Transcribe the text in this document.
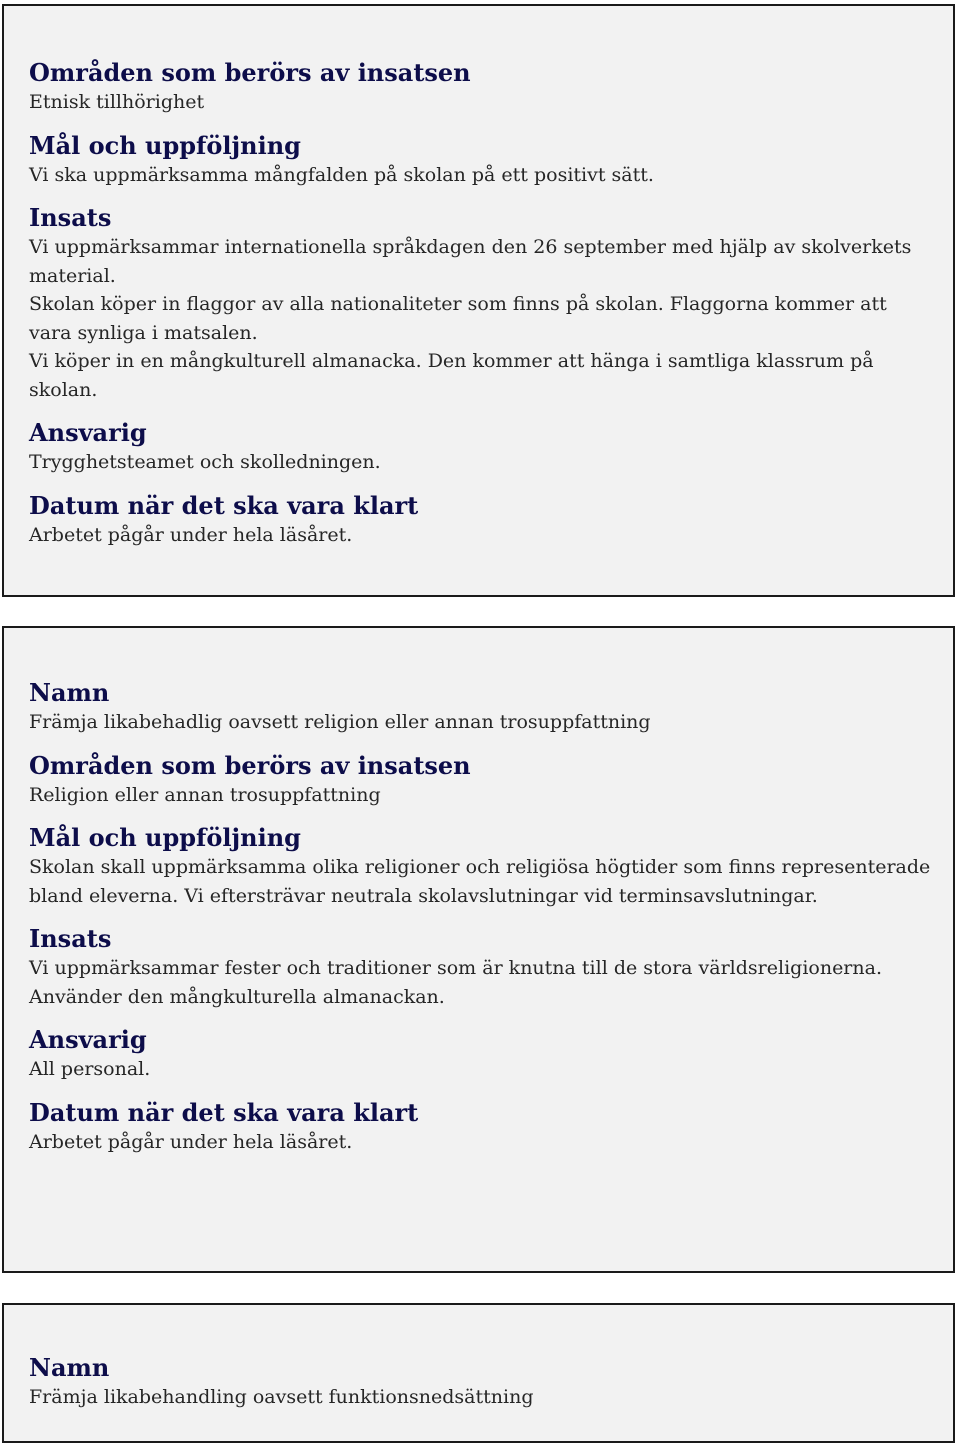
Områden som berörs av insatsen
Etnisk tillhörighet
Mål och uppföljning
Vi ska uppmärksamma mångfalden på skolan på ett positivt sätt.
Insats

Vi uppmärksammar internationella språkdagen den 26 september med hjälp av skolverkets material.

Skolan köper in flaggor av alla nationaliteter som finns på skolan. Flaggorna kommer att vara synliga i matsalen.

Vi köper in en mångkulturell almanacka. Den kommer att hänga i samtliga klassrum på skolan.

Ansvarig
Trygghetsteamet och skolledningen.
Datum när det ska vara klart
Arbetet pågår under hela läsåret.
Namn
Främja likabehadlig oavsett religion eller annan trosuppfattning
Områden som berörs av insatsen
Religion eller annan trosuppfattning
Mål och uppföljning
Skolan skall uppmärksamma olika religioner och religiösa högtider som finns representerade bland eleverna. Vi eftersträvar neutrala skolavslutningar vid terminsavslutningar.
Insats

Vi uppmärksammar fester och traditioner som är knutna till de stora världsreligionerna.

Använder den mångkulturella almanackan.

Ansvarig
All personal.
Datum när det ska vara klart
Arbetet pågår under hela läsåret.
Namn
Främja likabehandling oavsett funktionsnedsättning
